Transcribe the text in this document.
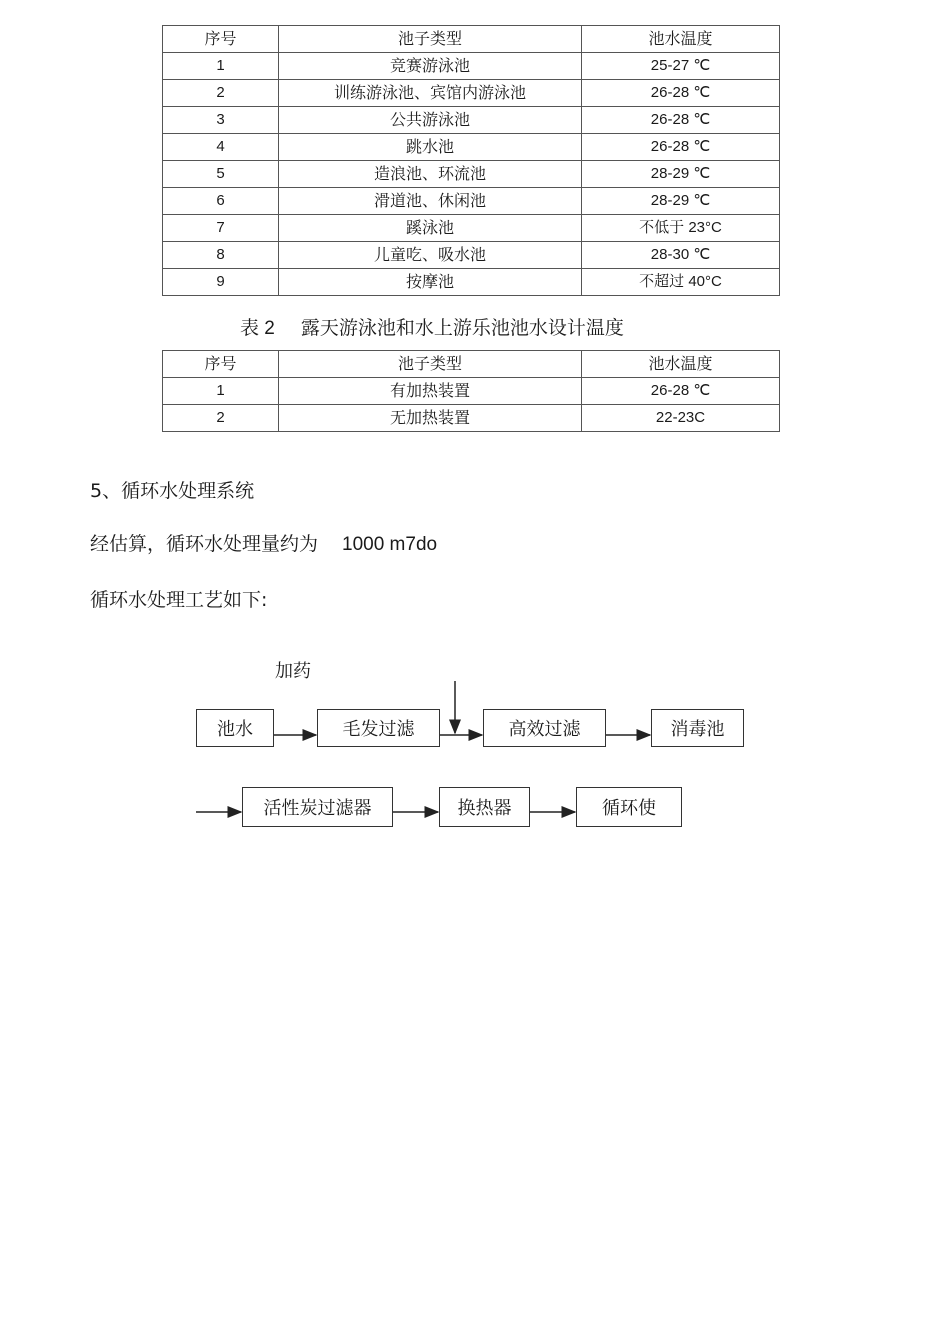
序号	池子类型	池水温度
1	竞赛游泳池	25-27 ℃
2	训练游泳池、宾馆内游泳池	26-28 ℃
3	公共游泳池	26-28 ℃
4	跳水池	26-28 ℃
5	造浪池、环流池	28-29 ℃
6	滑道池、休闲池	28-29 ℃
7	蹊泳池	不低于 23°C
8	儿童吃、吸水池	28-30 ℃
9	按摩池	不超过 40°C
表 2 露天游泳池和水上游乐池池水设计温度
序号	池子类型	池水温度
1	有加热装置	26-28 ℃
2	无加热装置	22-23C
5、循环水处理系统
经估算，循环水处理量约为 1000 m7do
循环水处理工艺如下:
加药
池水	毛发过滤	高效过滤	消毒池
活性炭过滤器	换热器	循环使
